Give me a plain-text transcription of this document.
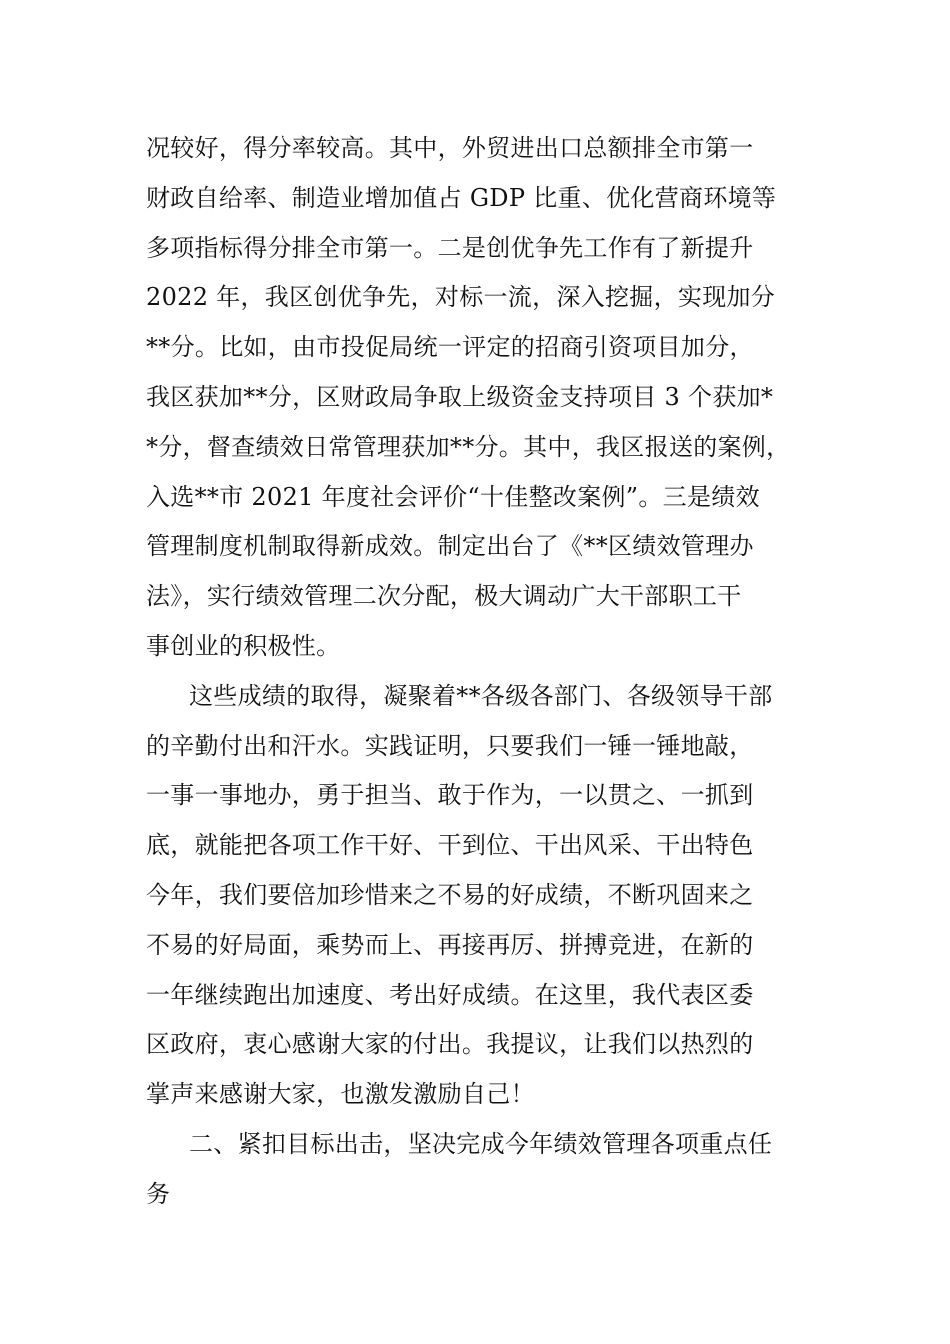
况较好，得分率较高。其中，外贸进出口总额排全市第一
财政自给率、制造业增加值占 GDP 比重、优化营商环境等
多项指标得分排全市第一。二是创优争先工作有了新提升
2022 年，我区创优争先，对标一流，深入挖掘，实现加分
**分。比如，由市投促局统一评定的招商引资项目加分，
我区获加**分，区财政局争取上级资金支持项目 3 个获加*
*分，督查绩效日常管理获加**分。其中，我区报送的案例，
入选**市 2021 年度社会评价“十佳整改案例”。三是绩效
管理制度机制取得新成效。制定出台了《**区绩效管理办
法》，实行绩效管理二次分配，极大调动广大干部职工干
事创业的积极性。
这些成绩的取得，凝聚着**各级各部门、各级领导干部
的辛勤付出和汗水。实践证明，只要我们一锤一锤地敲，
一事一事地办，勇于担当、敢于作为，一以贯之、一抓到
底，就能把各项工作干好、干到位、干出风采、干出特色
今年，我们要倍加珍惜来之不易的好成绩，不断巩固来之
不易的好局面，乘势而上、再接再厉、拼搏竞进，在新的
一年继续跑出加速度、考出好成绩。在这里，我代表区委
区政府，衷心感谢大家的付出。我提议，让我们以热烈的
掌声来感谢大家，也激发激励自己！
二、紧扣目标出击，坚决完成今年绩效管理各项重点任
务
